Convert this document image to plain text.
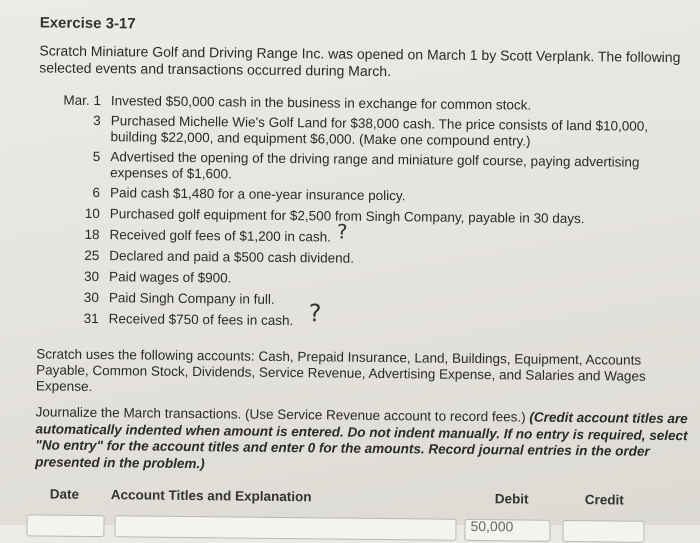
Exercise 3-17
Scratch Miniature Golf and Driving Range Inc. was opened on March 1 by Scott Verplank. The following selected events and transactions occurred during March.
Mar. 1 Invested $50,000 cash in the business in exchange for common stock.
3 Purchased Michelle Wie's Golf Land for $38,000 cash. The price consists of land $10,000, building $22,000, and equipment $6,000. (Make one compound entry.)
5 Advertised the opening of the driving range and miniature golf course, paying advertising expenses of $1,600.
6 Paid cash $1,480 for a one-year insurance policy.
10 Purchased golf equipment for $2,500 from Singh Company, payable in 30 days.
18 Received golf fees of $1,200 in cash. ?
25 Declared and paid a $500 cash dividend.
30 Paid wages of $900.
30 Paid Singh Company in full.
31 Received $750 of fees in cash. ?
Scratch uses the following accounts: Cash, Prepaid Insurance, Land, Buildings, Equipment, Accounts Payable, Common Stock, Dividends, Service Revenue, Advertising Expense, and Salaries and Wages Expense.
Journalize the March transactions. (Use Service Revenue account to record fees.) (Credit account titles are automatically indented when amount is entered. Do not indent manually. If no entry is required, select "No entry" for the account titles and enter 0 for the amounts. Record journal entries in the order presented in the problem.)
Date Account Titles and Explanation	Debit	Credit
50,000
